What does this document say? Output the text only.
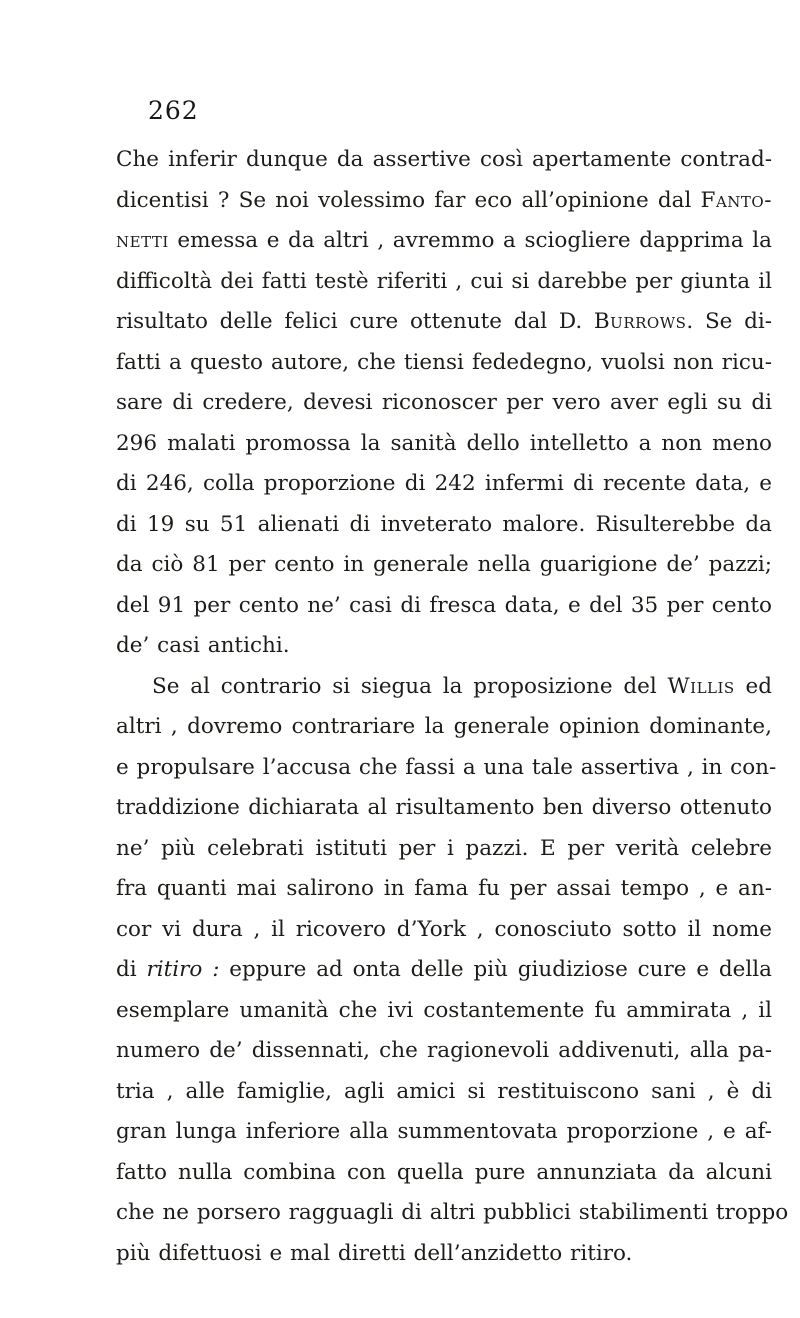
262
Che inferir dunque da assertive così apertamente contrad-
dicentisi ? Se noi volessimo far eco all’opinione dal Fanto-
netti emessa e da altri , avremmo a sciogliere dapprima la
difficoltà dei fatti testè riferiti , cui si darebbe per giunta il
risultato delle felici cure ottenute dal D. Burrows. Se di-
fatti a questo autore, che tiensi fededegno, vuolsi non ricu-
sare di credere, devesi riconoscer per vero aver egli su di
296 malati promossa la sanità dello intelletto a non meno
di 246, colla proporzione di 242 infermi di recente data, e
di 19 su 51 alienati di inveterato malore. Risulterebbe da
da ciò 81 per cento in generale nella guarigione de’ pazzi;
del 91 per cento ne’ casi di fresca data, e del 35 per cento
de’ casi antichi.
Se al contrario si siegua la proposizione del Willis ed
altri , dovremo contrariare la generale opinion dominante,
e propulsare l’accusa che fassi a una tale assertiva , in con-
traddizione dichiarata al risultamento ben diverso ottenuto
ne’ più celebrati istituti per i pazzi. E per verità celebre
fra quanti mai salirono in fama fu per assai tempo , e an-
cor vi dura , il ricovero d’York , conosciuto sotto il nome
di ritiro : eppure ad onta delle più giudiziose cure e della
esemplare umanità che ivi costantemente fu ammirata , il
numero de’ dissennati, che ragionevoli addivenuti, alla pa-
tria , alle famiglie, agli amici si restituiscono sani , è di
gran lunga inferiore alla summentovata proporzione , e af-
fatto nulla combina con quella pure annunziata da alcuni
che ne porsero ragguagli di altri pubblici stabilimenti troppo
più difettuosi e mal diretti dell’anzidetto ritiro.
